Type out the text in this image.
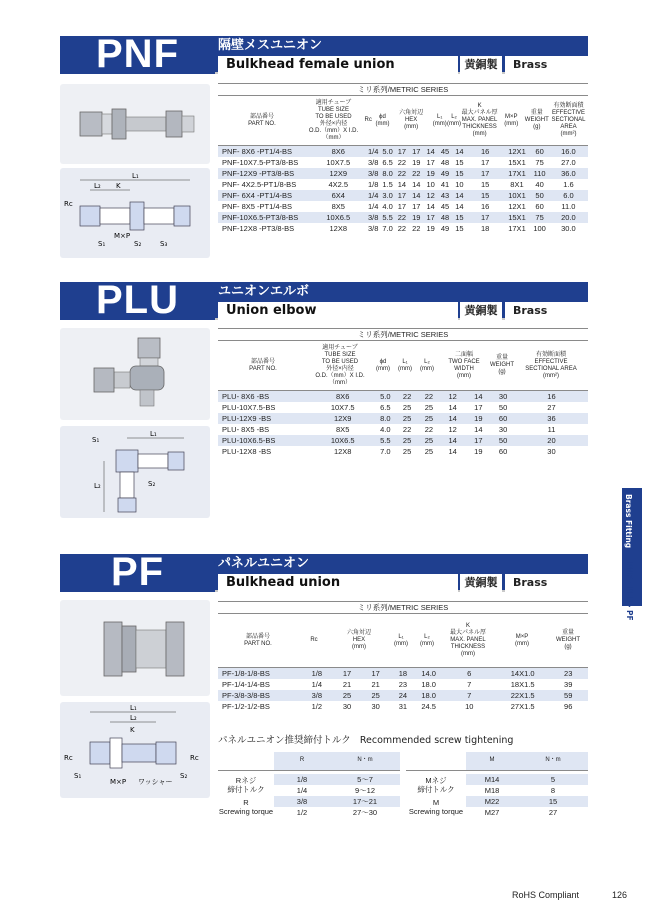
PNF	隔壁メスユニオン
Bulkhead female union	黄銅製	Brass
L₁
L₂ K
Rc
M×P
S₁	S₂	S₃
ミリ系列/METRIC SERIES
部品番号
PART NO.	適用チューブ
TUBE SIZE
TO BE USED
外径×内径
O.D.（mm）X I.D.（mm）	Rc	ϕd
(mm)	六角対辺
HEX
(mm)	L₁
(mm)	L₂
(mm)	K
最大パネル厚
MAX. PANEL
THICKNESS
(mm)	M×P
(mm)	重量
WEIGHT
(g)	有効断面積
EFFECTIVE
SECTIONAL
AREA
(mm²)
PNF- 8X6 -PT1/4-BS	8X6	1/4	5.0	17	17	14	45	14	16	12X1	60	16.0
PNF-10X7.5-PT3/8-BS	10X7.5	3/8	6.5	22	19	17	48	15	17	15X1	75	27.0
PNF-12X9 -PT3/8-BS	12X9	3/8	8.0	22	22	19	49	15	17	17X1	110	36.0
PNF- 4X2.5-PT1/8-BS	4X2.5	1/8	1.5	14	14	10	41	10	15	8X1	40	1.6
PNF- 6X4 -PT1/4-BS	6X4	1/4	3.0	17	14	12	43	14	15	10X1	50	6.0
PNF- 8X5 -PT1/4-BS	8X5	1/4	4.0	17	17	14	45	14	16	12X1	60	11.0
PNF-10X6.5-PT3/8-BS	10X6.5	3/8	5.5	22	19	17	48	15	17	15X1	75	20.0
PNF-12X8 -PT3/8-BS	12X8	3/8	7.0	22	22	19	49	15	18	17X1	100	30.0
PLU	ユニオンエルボ
Union elbow	黄銅製	Brass
S₁
L₁
L₂	S₂
ミリ系列/METRIC SERIES
部品番号
PART NO.	適用チューブ
TUBE SIZE
TO BE USED
外径×内径
O.D.（mm）X I.D.（mm）	ϕd
(mm)	L₁
(mm)	L₂
(mm)	二面幅
TWO FACE
WIDTH
(mm)	重量
WEIGHT
(g)	有効断面積
EFFECTIVE
SECTIONAL AREA
(mm²)
PLU- 8X6 -BS	8X6	5.0	22	22	12	14	30	16
PLU-10X7.5-BS	10X7.5	6.5	25	25	14	17	50	27
PLU-12X9 -BS	12X9	8.0	25	25	14	19	60	36
PLU- 8X5 -BS	8X5	4.0	22	22	12	14	30	11
PLU-10X6.5-BS	10X6.5	5.5	25	25	14	17	50	20
PLU-12X8 -BS	12X8	7.0	25	25	14	19	60	30
Brass Fitting
PNF・PLU・PF
PF	パネルユニオン
Bulkhead union	黄銅製	Brass
L₁
L₂
K
Rc	Rc
M×P ワッシャー
S₁	S₂
ミリ系列/METRIC SERIES
部品番号
PART NO.	Rc	六角対辺
HEX
(mm)	L₁
(mm)	L₂
(mm)	K
最大パネル厚
MAX. PANEL
THICKNESS
(mm)	M×P
(mm)	重量
WEIGHT
(g)
PF-1/8-1/8-BS	1/8	17	17	18	14.0	6	14X1.0	23
PF-1/4-1/4-BS	1/4	21	21	23	18.0	7	18X1.5	39
PF-3/8-3/8-BS	3/8	25	25	24	18.0	7	22X1.5	59
PF-1/2-1/2-BS	1/2	30	30	31	24.5	10	27X1.5	96
パネルユニオン推奨締付トルク Recommended screw tightening
	R	N・m
Rネジ
締付トルク	1/8	5〜7
	1/4	9〜12
R
Screwing torque	3/8	17〜21
	1/2	27〜30
	M	N・m
Mネジ
締付トルク	M14	5
	M18	8
M
Screwing torque	M22	15
	M27	27
RoHS Compliant	126
